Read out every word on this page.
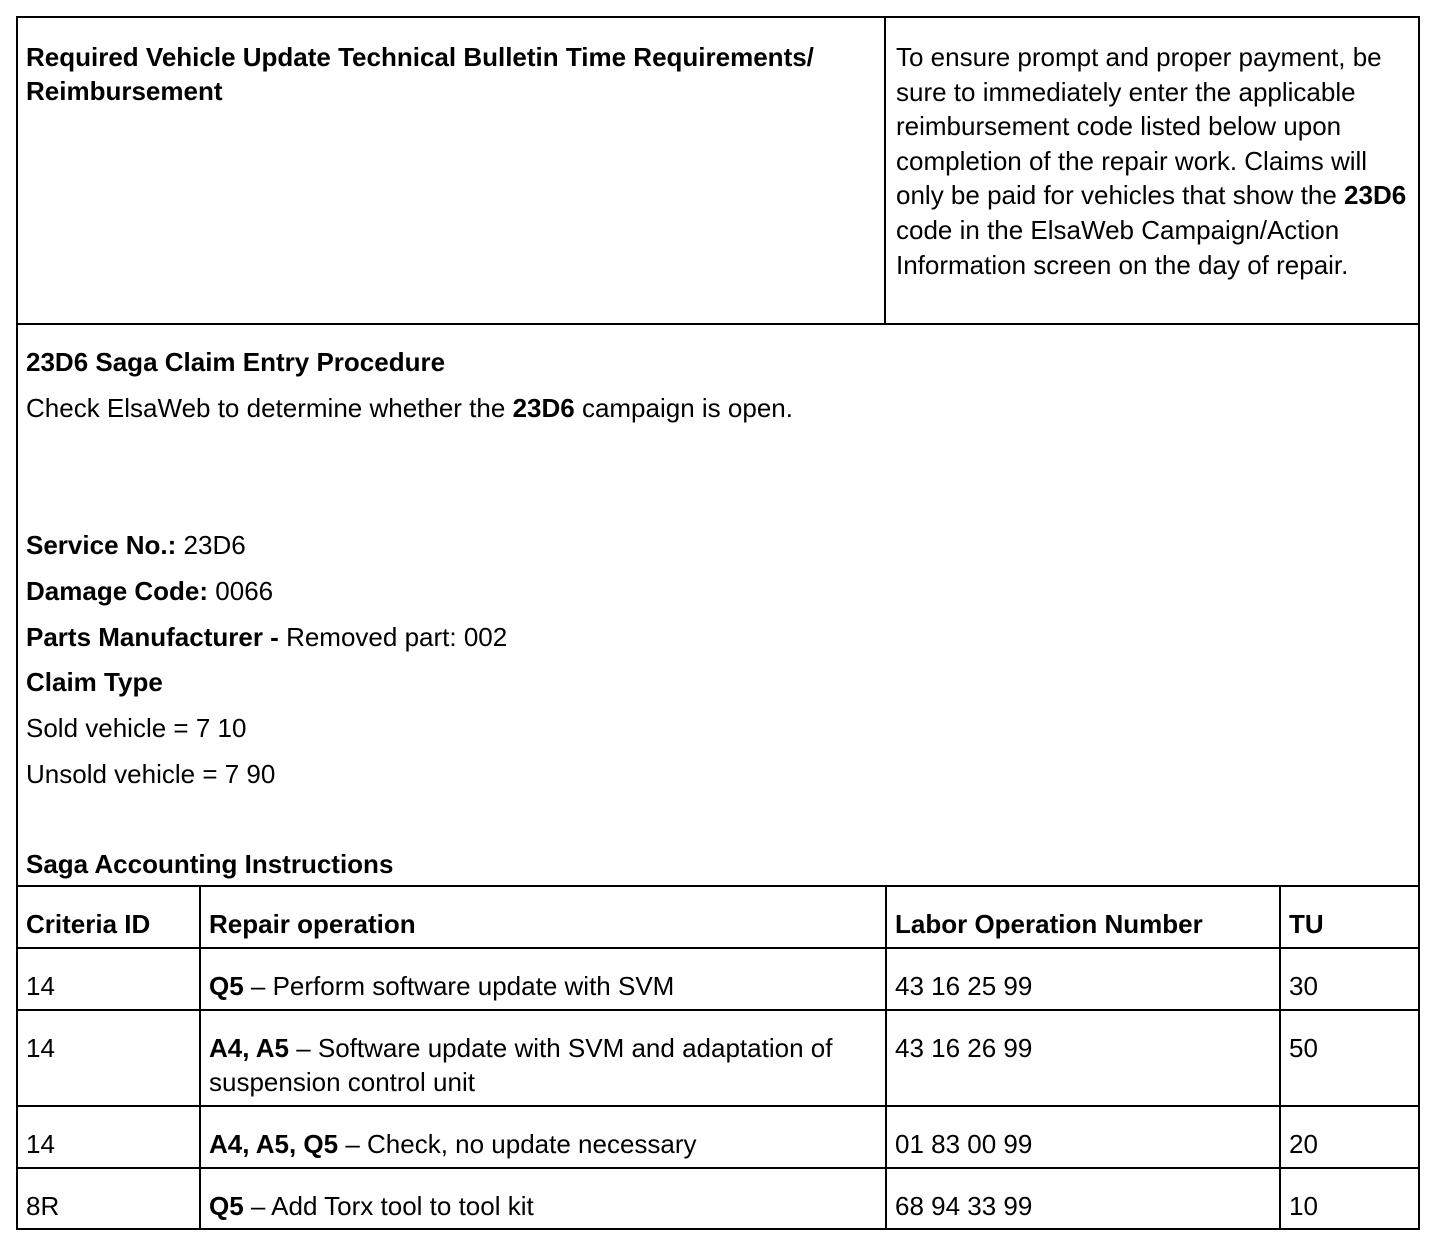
Required Vehicle Update Technical Bulletin Time Requirements/ Reimbursement
To ensure prompt and proper payment, be sure to immediately enter the applicable reimbursement code listed below upon completion of the repair work. Claims will only be paid for vehicles that show the 23D6 code in the ElsaWeb Campaign/Action Information screen on the day of repair.
23D6 Saga Claim Entry Procedure
Check ElsaWeb to determine whether the 23D6 campaign is open.
Service No.: 23D6
Damage Code: 0066
Parts Manufacturer - Removed part: 002
Claim Type
Sold vehicle = 7 10
Unsold vehicle = 7 90
Saga Accounting Instructions
Criteria ID	Repair operation	Labor Operation Number	TU
14	Q5 – Perform software update with SVM	43 16 25 99	30
14	A4, A5 – Software update with SVM and adaptation of suspension control unit	43 16 26 99	50
14	A4, A5, Q5 – Check, no update necessary	01 83 00 99	20
8R	Q5 – Add Torx tool to tool kit	68 94 33 99	10
